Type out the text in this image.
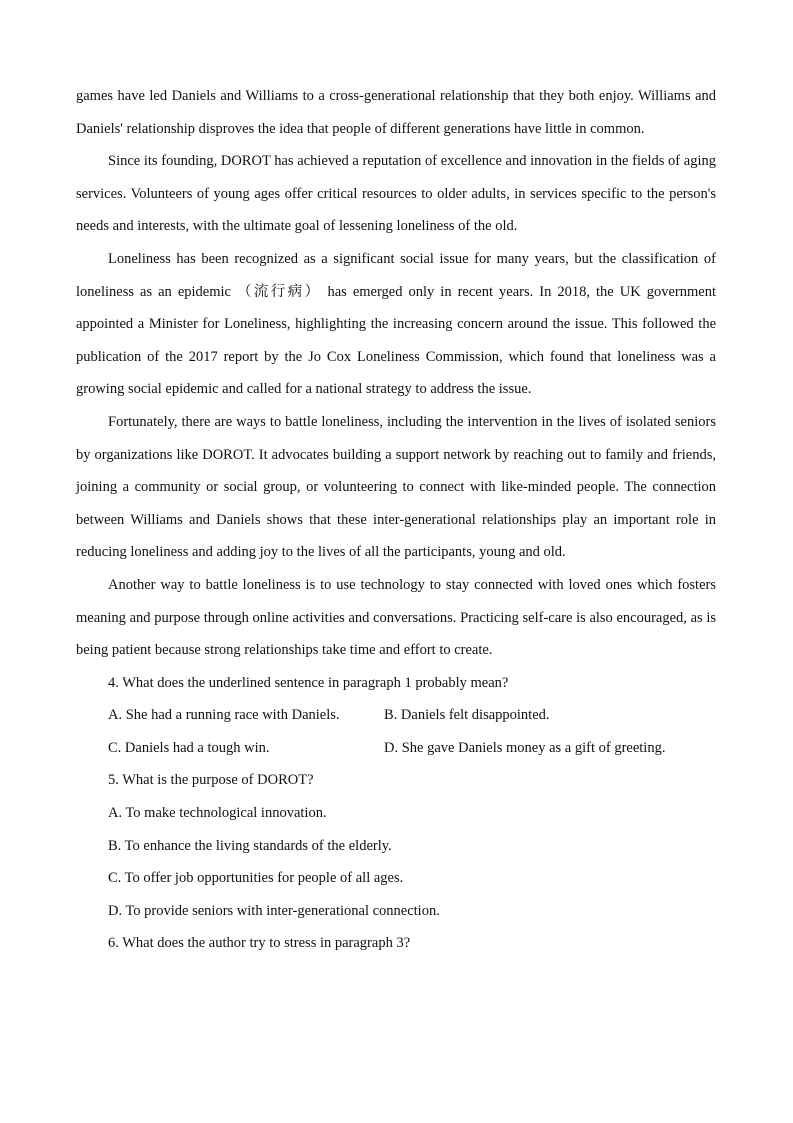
games have led Daniels and Williams to a cross-generational relationship that they both enjoy. Williams and Daniels' relationship disproves the idea that people of different generations have little in common.

Since its founding, DOROT has achieved a reputation of excellence and innovation in the fields of aging services. Volunteers of young ages offer critical resources to older adults, in services specific to the person's needs and interests, with the ultimate goal of lessening loneliness of the old.

Loneliness has been recognized as a significant social issue for many years, but the classification of loneliness as an epidemic （流行病） has emerged only in recent years. In 2018, the UK government appointed a Minister for Loneliness, highlighting the increasing concern around the issue. This followed the publication of the 2017 report by the Jo Cox Loneliness Commission, which found that loneliness was a growing social epidemic and called for a national strategy to address the issue.

Fortunately, there are ways to battle loneliness, including the intervention in the lives of isolated seniors by organizations like DOROT. It advocates building a support network by reaching out to family and friends, joining a community or social group, or volunteering to connect with like-minded people. The connection between Williams and Daniels shows that these inter-generational relationships play an important role in reducing loneliness and adding joy to the lives of all the participants, young and old.

Another way to battle loneliness is to use technology to stay connected with loved ones which fosters meaning and purpose through online activities and conversations. Practicing self-care is also encouraged, as is being patient because strong relationships take time and effort to create.

4. What does the underlined sentence in paragraph 1 probably mean?

A. She had a running race with Daniels.	B. Daniels felt disappointed.
C. Daniels had a tough win.	D. She gave Daniels money as a gift of greeting.

5. What is the purpose of DOROT?

A. To make technological innovation.

B. To enhance the living standards of the elderly.

C. To offer job opportunities for people of all ages.

D. To provide seniors with inter-generational connection.

6. What does the author try to stress in paragraph 3?
